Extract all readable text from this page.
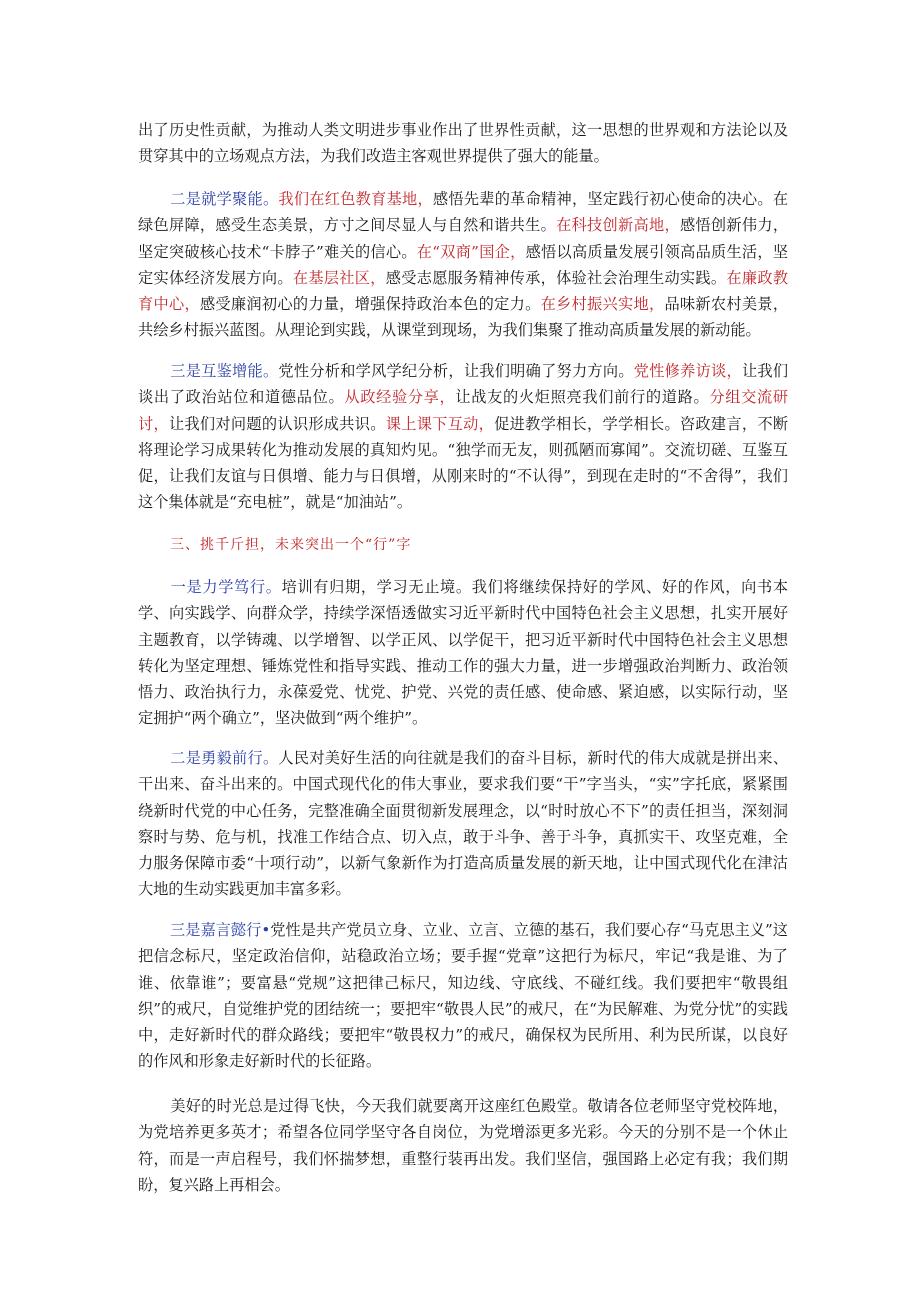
出了历史性贡献，为推动人类文明进步事业作出了世界性贡献，这一思想的世界观和方法论以及贯穿其中的立场观点方法，为我们改造主客观世界提供了强大的能量。

二是就学聚能。我们在红色教育基地，感悟先辈的革命精神，坚定践行初心使命的决心。在绿色屏障，感受生态美景，方寸之间尽显人与自然和谐共生。在科技创新高地，感悟创新伟力，坚定突破核心技术“卡脖子”难关的信心。在“双商”国企，感悟以高质量发展引领高品质生活，坚定实体经济发展方向。在基层社区，感受志愿服务精神传承，体验社会治理生动实践。在廉政教育中心，感受廉润初心的力量，增强保持政治本色的定力。在乡村振兴实地，品味新农村美景，共绘乡村振兴蓝图。从理论到实践，从课堂到现场，为我们集聚了推动高质量发展的新动能。

三是互鉴增能。党性分析和学风学纪分析，让我们明确了努力方向。党性修养访谈，让我们谈出了政治站位和道德品位。从政经验分享，让战友的火炬照亮我们前行的道路。分组交流研讨，让我们对问题的认识形成共识。课上课下互动，促进教学相长，学学相长。咨政建言，不断将理论学习成果转化为推动发展的真知灼见。“独学而无友，则孤陋而寡闻”。交流切磋、互鉴互促，让我们友谊与日俱增、能力与日俱增，从刚来时的“不认得”，到现在走时的“不舍得”，我们这个集体就是“充电桩”，就是“加油站”。

三、挑千斤担，未来突出一个“行”字

一是力学笃行。培训有归期，学习无止境。我们将继续保持好的学风、好的作风，向书本学、向实践学、向群众学，持续学深悟透做实习近平新时代中国特色社会主义思想，扎实开展好主题教育，以学铸魂、以学增智、以学正风、以学促干，把习近平新时代中国特色社会主义思想转化为坚定理想、锤炼党性和指导实践、推动工作的强大力量，进一步增强政治判断力、政治领悟力、政治执行力，永葆爱党、忧党、护党、兴党的责任感、使命感、紧迫感，以实际行动，坚定拥护“两个确立”，坚决做到“两个维护”。

二是勇毅前行。人民对美好生活的向往就是我们的奋斗目标，新时代的伟大成就是拼出来、干出来、奋斗出来的。中国式现代化的伟大事业，要求我们要“干”字当头，“实”字托底，紧紧围绕新时代党的中心任务，完整准确全面贯彻新发展理念，以“时时放心不下”的责任担当，深刻洞察时与势、危与机，找准工作结合点、切入点，敢于斗争、善于斗争，真抓实干、攻坚克难，全力服务保障市委“十项行动”，以新气象新作为打造高质量发展的新天地，让中国式现代化在津沽大地的生动实践更加丰富多彩。

三是嘉言懿行•党性是共产党员立身、立业、立言、立德的基石，我们要心存“马克思主义”这把信念标尺，坚定政治信仰，站稳政治立场；要手握“党章”这把行为标尺，牢记“我是谁、为了谁、依靠谁”；要富悬“党规”这把律己标尺，知边线、守底线、不碰红线。我们要把牢“敬畏组织”的戒尺，自觉维护党的团结统一；要把牢“敬畏人民”的戒尺，在“为民解难、为党分忧”的实践中，走好新时代的群众路线；要把牢“敬畏权力”的戒尺，确保权为民所用、利为民所谋，以良好的作风和形象走好新时代的长征路。

美好的时光总是过得飞快，今天我们就要离开这座红色殿堂。敬请各位老师坚守党校阵地，为党培养更多英才；希望各位同学坚守各自岗位，为党增添更多光彩。今天的分别不是一个休止符，而是一声启程号，我们怀揣梦想，重整行装再出发。我们坚信，强国路上必定有我；我们期盼，复兴路上再相会。
